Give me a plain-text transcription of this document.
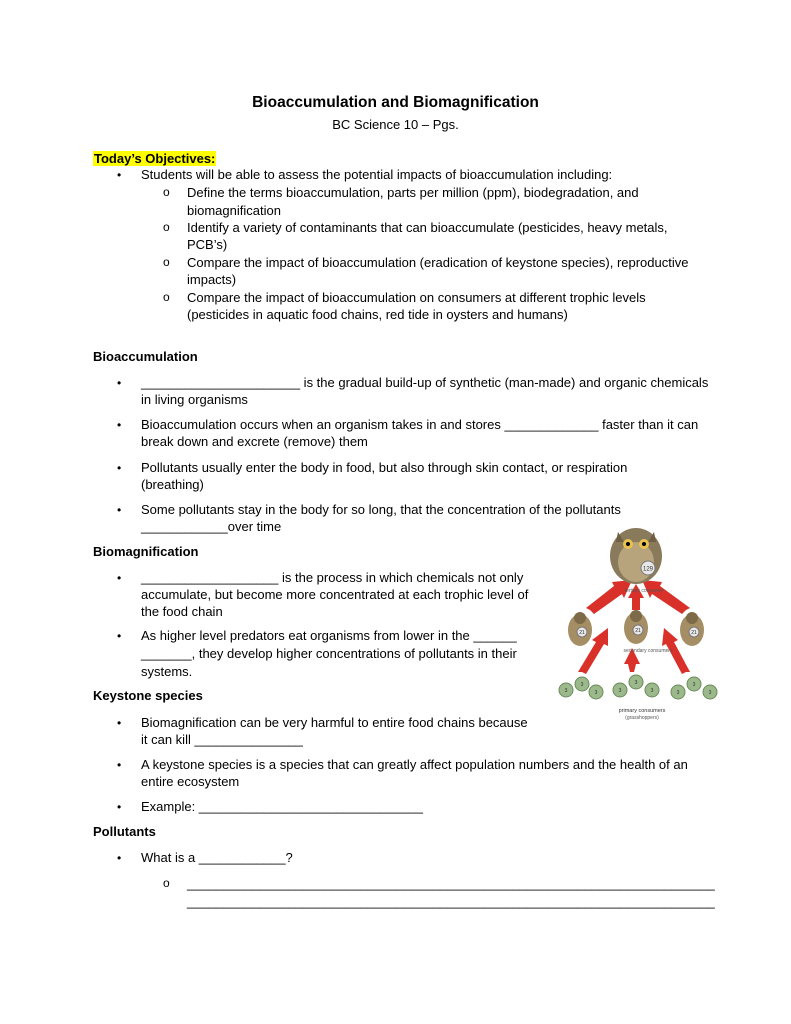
Bioaccumulation and Biomagnification
BC Science 10 – Pgs.
Today’s Objectives:
• Students will be able to assess the potential impacts of bioaccumulation including:
o Define the terms bioaccumulation, parts per million (ppm), biodegradation, and
biomagnification
o Identify a variety of contaminants that can bioaccumulate (pesticides, heavy metals,
PCB’s)
o Compare the impact of bioaccumulation (eradication of keystone species), reproductive
impacts)
o Compare the impact of bioaccumulation on consumers at different trophic levels
(pesticides in aquatic food chains, red tide in oysters and humans)
Bioaccumulation
• ______________________ is the gradual build-up of synthetic (man-made) and organic chemicals
in living organisms
• Bioaccumulation occurs when an organism takes in and stores _____________ faster than it can
break down and excrete (remove) them
• Pollutants usually enter the body in food, but also through skin contact, or respiration
(breathing)
• Some pollutants stay in the body for so long, that the concentration of the pollutants
____________over time
Biomagnification
• ___________________ is the process in which chemicals not only
accumulate, but become more concentrated at each trophic level of
the food chain
• As higher level predators eat organisms from lower in the ______
_______, they develop higher concentrations of pollutants in their
systems.
Keystone species
• Biomagnification can be very harmful to entire food chains because
it can kill _______________
• A keystone species is a species that can greatly affect population numbers and the health of an
entire ecosystem
• Example: _______________________________
Pollutants
• What is a ____________?
o _________________________________________________________________________
_________________________________________________________________________
129
tertiary consumer
21	21	21
secondary consumers
3
3
3	3
3
3	3
3
3
primary consumers
(grasshoppers)
